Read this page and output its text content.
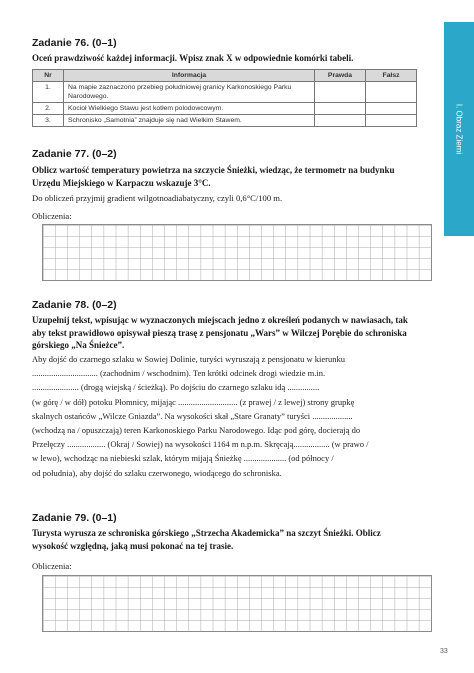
I. Obraz Ziemi
Zadanie 76. (0–1)
Oceń prawdziwość każdej informacji. Wpisz znak X w odpowiednie komórki tabeli.
Nr	Informacja	Prawda	Fałsz
1.	Na mapie zaznaczono przebieg południowej granicy Karkonoskiego Parku Narodowego.		
2.	Kocioł Wielkiego Stawu jest kotłem polodowcowym.		
3.	Schronisko „Samotnia” znajduje się nad Wielkim Stawem.		
Zadanie 77. (0–2)
Oblicz wartość temperatury powietrza na szczycie Śnieżki, wiedząc, że termometr na budynku Urzędu Miejskiego w Karpaczu wskazuje 3°C.
Do obliczeń przyjmij gradient wilgotnoadiabatyczny, czyli 0,6°C/100 m.
Obliczenia:
Zadanie 78. (0–2)
Uzupełnij tekst, wpisując w wyznaczonych miejscach jedno z określeń podanych w nawiasach, tak aby tekst prawidłowo opisywał pieszą trasę z pensjonatu „Wars” w Wilczej Porębie do schroniska górskiego „Na Śnieżce”.

Aby dojść do czarnego szlaku w Sowiej Dolinie, turyści wyruszają z pensjonatu w kierunku

............................... (zachodnim / wschodnim). Ten krótki odcinek drogi wiedzie m.in.

...................... (drogą wiejską / ścieżką). Po dojściu do czarnego szlaku idą ...............

(w górę / w dół) potoku Płomnicy, mijając ............................ (z prawej / z lewej) strony grupkę

skalnych ostańców „Wilcze Gniazda”. Na wysokości skał „Stare Granaty” turyści ...................

(wchodzą na / opuszczają) teren Karkonoskiego Parku Narodowego. Idąc pod górę, docierają do

Przełęczy .................. (Okraj / Sowiej) na wysokości 1164 m n.p.m. Skręcają................. (w prawo /

w lewo), wchodząc na niebieski szlak, którym mijają Śnieżkę .................... (od północy /

od południa), aby dojść do szlaku czerwonego, wiodącego do schroniska.

Zadanie 79. (0–1)
Turysta wyrusza ze schroniska górskiego „Strzecha Akademicka” na szczyt Śnieżki. Oblicz wysokość względną, jaką musi pokonać na tej trasie.
Obliczenia:
33
